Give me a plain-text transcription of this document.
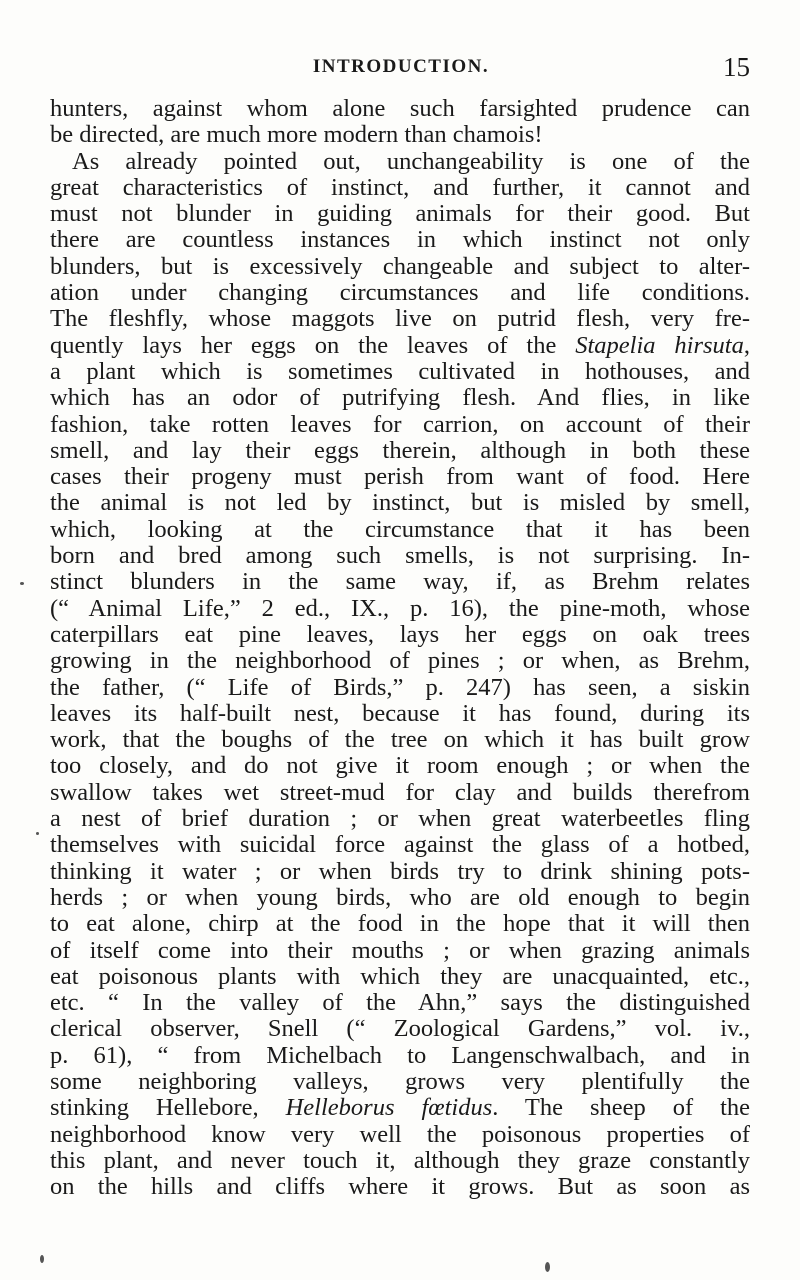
INTRODUCTION.	15
hunters, against whom alone such farsighted prudence can
be directed, are much more modern than chamois!
As already pointed out, unchangeability is one of the
great characteristics of instinct, and further, it cannot and
must not blunder in guiding animals for their good. But
there are countless instances in which instinct not only
blunders, but is excessively changeable and subject to alter-
ation under changing circumstances and life conditions.
The fleshfly, whose maggots live on putrid flesh, very fre-
quently lays her eggs on the leaves of the Stapelia hirsuta,
a plant which is sometimes cultivated in hothouses, and
which has an odor of putrifying flesh. And flies, in like
fashion, take rotten leaves for carrion, on account of their
smell, and lay their eggs therein, although in both these
cases their progeny must perish from want of food. Here
the animal is not led by instinct, but is misled by smell,
which, looking at the circumstance that it has been
born and bred among such smells, is not surprising. In-
stinct blunders in the same way, if, as Brehm relates
(“ Animal Life,” 2 ed., IX., p. 16), the pine-moth, whose
caterpillars eat pine leaves, lays her eggs on oak trees
growing in the neighborhood of pines ; or when, as Brehm,
the father, (“ Life of Birds,” p. 247) has seen, a siskin
leaves its half-built nest, because it has found, during its
work, that the boughs of the tree on which it has built grow
too closely, and do not give it room enough ; or when the
swallow takes wet street-mud for clay and builds therefrom
a nest of brief duration ; or when great waterbeetles fling
themselves with suicidal force against the glass of a hotbed,
thinking it water ; or when birds try to drink shining pots-
herds ; or when young birds, who are old enough to begin
to eat alone, chirp at the food in the hope that it will then
of itself come into their mouths ; or when grazing animals
eat poisonous plants with which they are unacquainted, etc.,
etc. “ In the valley of the Ahn,” says the distinguished
clerical observer, Snell (“ Zoological Gardens,” vol. iv.,
p. 61), “ from Michelbach to Langenschwalbach, and in
some neighboring valleys, grows very plentifully the
stinking Hellebore, Helleborus fœtidus. The sheep of the
neighborhood know very well the poisonous properties of
this plant, and never touch it, although they graze constantly
on the hills and cliffs where it grows. But as soon as
